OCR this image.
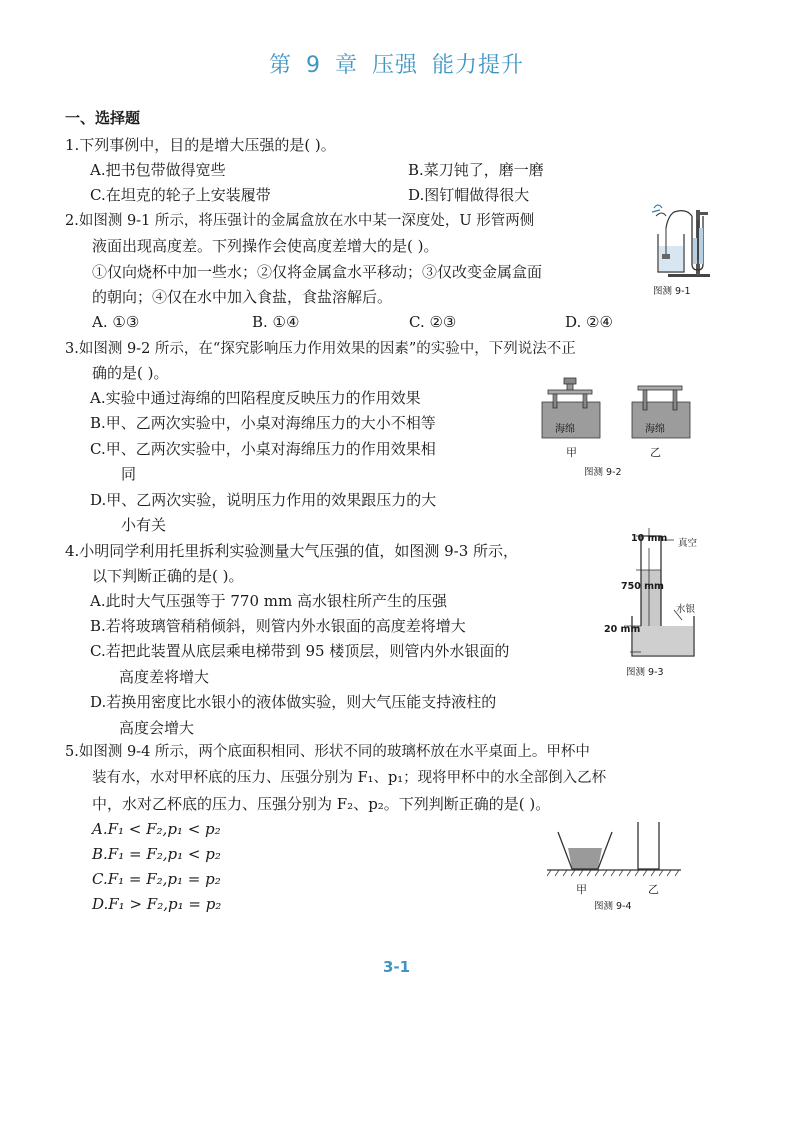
第 9 章 压强 能力提升
一、选择题
1.下列事例中，目的是增大压强的是( )。
A.把书包带做得宽些	B.菜刀钝了，磨一磨
C.在坦克的轮子上安装履带	D.图钉帽做得很大
2.如图测 9-1 所示，将压强计的金属盒放在水中某一深度处，U 形管两侧
液面出现高度差。下列操作会使高度差增大的是( )。
①仅向烧杯中加一些水；②仅将金属盒水平移动；③仅改变金属盒面
的朝向；④仅在水中加入食盐，食盐溶解后。
A. ①③	B. ①④	C. ②③	D. ②④
图测 9-1
3.如图测 9-2 所示，在“探究影响压力作用效果的因素”的实验中，下列说法不正
确的是( )。
A.实验中通过海绵的凹陷程度反映压力的作用效果
B.甲、乙两次实验中，小桌对海绵压力的大小不相等
C.甲、乙两次实验中，小桌对海绵压力的作用效果相
同
D.甲、乙两次实验，说明压力作用的效果跟压力的大
小有关
海绵	海绵
甲	乙
图测 9-2
4.小明同学利用托里拆利实验测量大气压强的值，如图测 9-3 所示，
以下判断正确的是( )。
A.此时大气压强等于 770 mm 高水银柱所产生的压强
B.若将玻璃管稍稍倾斜，则管内外水银面的高度差将增大
C.若把此装置从底层乘电梯带到 95 楼顶层，则管内外水银面的
高度差将增大
D.若换用密度比水银小的液体做实验，则大气压能支持液柱的
高度会增大
10 mm 真空
750 mm
水银
20 mm
图测 9-3
5.如图测 9-4 所示，两个底面积相同、形状不同的玻璃杯放在水平桌面上。甲杯中
装有水，水对甲杯底的压力、压强分别为 F₁、p₁；现将甲杯中的水全部倒入乙杯
中，水对乙杯底的压力、压强分别为 F₂、p₂。下列判断正确的是( )。
A.F₁ < F₂,p₁ < p₂
B.F₁ = F₂,p₁ < p₂
C.F₁ = F₂,p₁ = p₂
D.F₁ > F₂,p₁ = p₂
甲	乙
图测 9-4
3-1
